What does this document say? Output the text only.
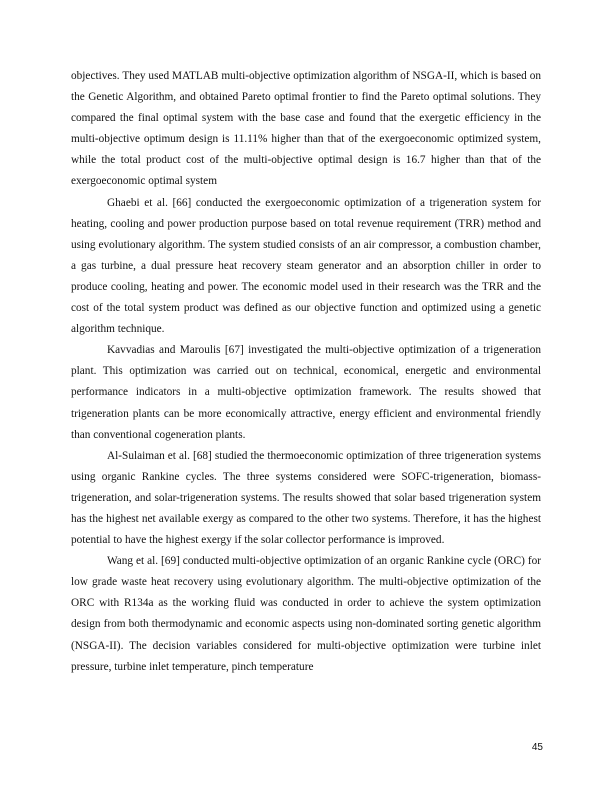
objectives. They used MATLAB multi-objective optimization algorithm of NSGA-II, which is based on the Genetic Algorithm, and obtained Pareto optimal frontier to find the Pareto optimal solutions. They compared the final optimal system with the base case and found that the exergetic efficiency in the multi-objective optimum design is 11.11% higher than that of the exergoeconomic optimized system, while the total product cost of the multi-objective optimal design is 16.7 higher than that of the exergoeconomic optimal system

Ghaebi et al. [66] conducted the exergoeconomic optimization of a trigeneration system for heating, cooling and power production purpose based on total revenue requirement (TRR) method and using evolutionary algorithm. The system studied consists of an air compressor, a combustion chamber, a gas turbine, a dual pressure heat recovery steam generator and an absorption chiller in order to produce cooling, heating and power. The economic model used in their research was the TRR and the cost of the total system product was defined as our objective function and optimized using a genetic algorithm technique.

Kavvadias and Maroulis [67] investigated the multi-objective optimization of a trigeneration plant. This optimization was carried out on technical, economical, energetic and environmental performance indicators in a multi-objective optimization framework. The results showed that trigeneration plants can be more economically attractive, energy efficient and environmental friendly than conventional cogeneration plants.

Al-Sulaiman et al. [68] studied the thermoeconomic optimization of three trigeneration systems using organic Rankine cycles. The three systems considered were SOFC-trigeneration, biomass-trigeneration, and solar-trigeneration systems. The results showed that solar based trigeneration system has the highest net available exergy as compared to the other two systems. Therefore, it has the highest potential to have the highest exergy if the solar collector performance is improved.

Wang et al. [69] conducted multi-objective optimization of an organic Rankine cycle (ORC) for low grade waste heat recovery using evolutionary algorithm. The multi-objective optimization of the ORC with R134a as the working fluid was conducted in order to achieve the system optimization design from both thermodynamic and economic aspects using non-dominated sorting genetic algorithm (NSGA-II). The decision variables considered for multi-objective optimization were turbine inlet pressure, turbine inlet temperature, pinch temperature

45
